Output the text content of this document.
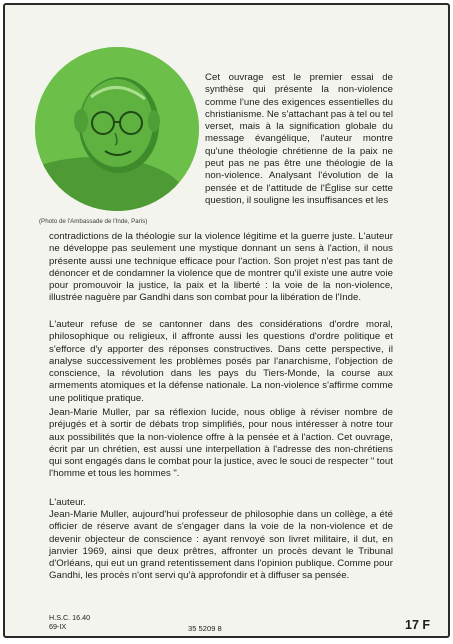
(Photo de l'Ambassade de l'Inde, Paris)

Cet ouvrage est le premier essai de synthèse qui présente la non-violence comme l'une des exigences essentielles du christianisme. Ne s'attachant pas à tel ou tel verset, mais à la signification globale du message évangélique, l'auteur montre qu'une théologie chrétienne de la paix ne peut pas ne pas être une théologie de la non-violence. Analysant l'évolution de la pensée et de l'attitude de l'Église sur cette question, il souligne les insuffisances et les

contradictions de la théologie sur la violence légitime et la guerre juste. L'auteur ne développe pas seulement une mystique donnant un sens à l'action, il nous présente aussi une technique efficace pour l'action. Son projet n'est pas tant de dénoncer et de condamner la violence que de montrer qu'il existe une autre voie pour promouvoir la justice, la paix et la liberté : la voie de la non-violence, illustrée naguère par Gandhi dans son combat pour la libération de l'Inde.

L'auteur refuse de se cantonner dans des considérations d'ordre moral, philosophique ou religieux, il affronte aussi les questions d'ordre politique et s'efforce d'y apporter des réponses constructives. Dans cette perspective, il analyse successivement les problèmes posés par l'anarchisme, l'objection de conscience, la révolution dans les pays du Tiers-Monde, la course aux armements atomiques et la défense nationale. La non-violence s'affirme comme une politique pratique.

Jean-Marie Muller, par sa réflexion lucide, nous oblige à réviser nombre de préjugés et à sortir de débats trop simplifiés, pour nous intéresser à notre tour aux possibilités que la non-violence offre à la pensée et à l'action. Cet ouvrage, écrit par un chrétien, est aussi une interpellation à l'adresse des non-chrétiens qui sont engagés dans le combat pour la justice, avec le souci de respecter " tout l'homme et tous les hommes ".

L'auteur.

Jean-Marie Muller, aujourd'hui professeur de philosophie dans un collège, a été officier de réserve avant de s'engager dans la voie de la non-violence et de devenir objecteur de conscience : ayant renvoyé son livret militaire, il dut, en janvier 1969, ainsi que deux prêtres, affronter un procès devant le Tribunal d'Orléans, qui eut un grand retentissement dans l'opinion publique. Comme pour Gandhi, les procès n'ont servi qu'à approfondir et à diffuser sa pensée.

H.S.C. 16.40
69-IX	35 5209 8	17 F
